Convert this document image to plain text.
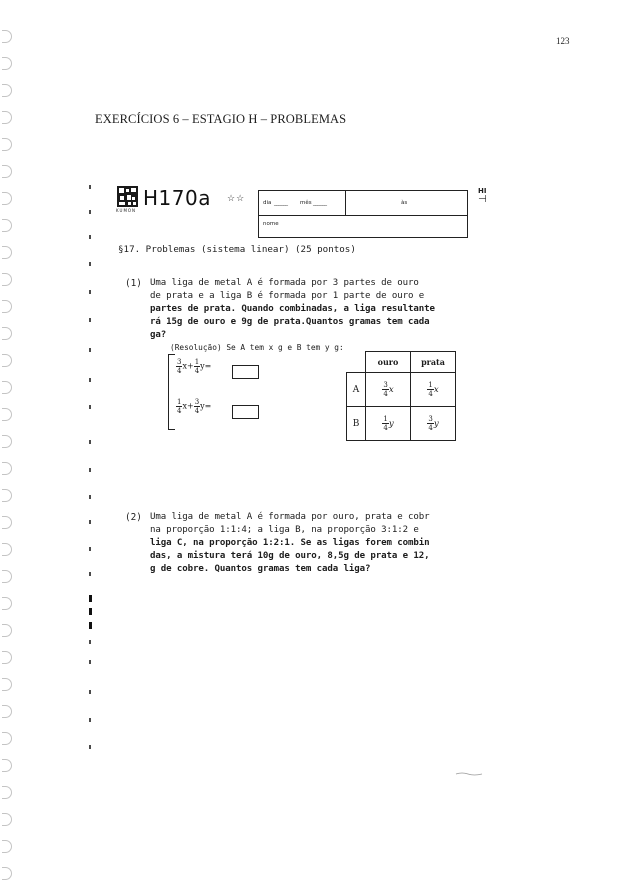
123
EXERCÍCIOS 6 – ESTAGIO H – PROBLEMAS
KUMON
H170a ☆☆	dia ______ mês ______	às
nome
HI
⊣
§17. Problemas (sistema linear) (25 pontos)
(1) Uma liga de metal A é formada por 3 partes de ouro
de prata e a liga B é formada por 1 parte de ouro e
partes de prata. Quando combinadas, a liga resultante
rá 15g de ouro e 9g de prata.Quantos gramas tem cada
ga?
(Resolução) Se A tem x g e B tem y g:
$\frac{3}{4} x+ \frac{1}{4} y=$
$\frac{1}{4} x+ \frac{3}{4} y=$
	ouro	prata
A	$\frac{3}{4}$ x	$\frac{1}{4}$ x
B	$\frac{1}{4}$ y	$\frac{3}{4}$ y
(2) Uma liga de metal A é formada por ouro, prata e cobr
na proporção 1:1:4; a liga B, na proporção 3:1:2 e
liga C, na proporção 1:2:1. Se as ligas forem combin
das, a mistura terá 10g de ouro, 8,5g de prata e 12,
g de cobre. Quantos gramas tem cada liga?
